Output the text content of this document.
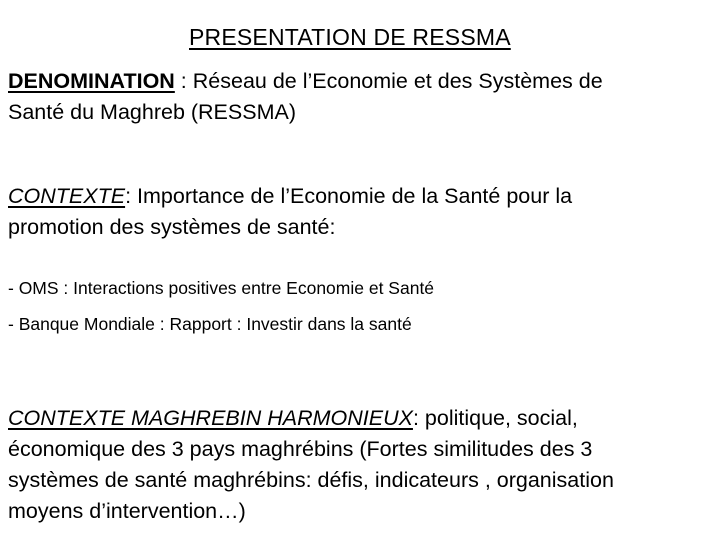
PRESENTATION DE RESSMA
DENOMINATION : Réseau de l’Economie et des Systèmes de
Santé du Maghreb (RESSMA)
CONTEXTE: Importance de l’Economie de la Santé pour la
promotion des systèmes de santé:
- OMS : Interactions positives entre Economie et Santé
- Banque Mondiale : Rapport : Investir dans la santé
CONTEXTE MAGHREBIN HARMONIEUX: politique, social,
économique des 3 pays maghrébins (Fortes similitudes des 3
systèmes de santé maghrébins: défis, indicateurs , organisation
moyens d’intervention…)
